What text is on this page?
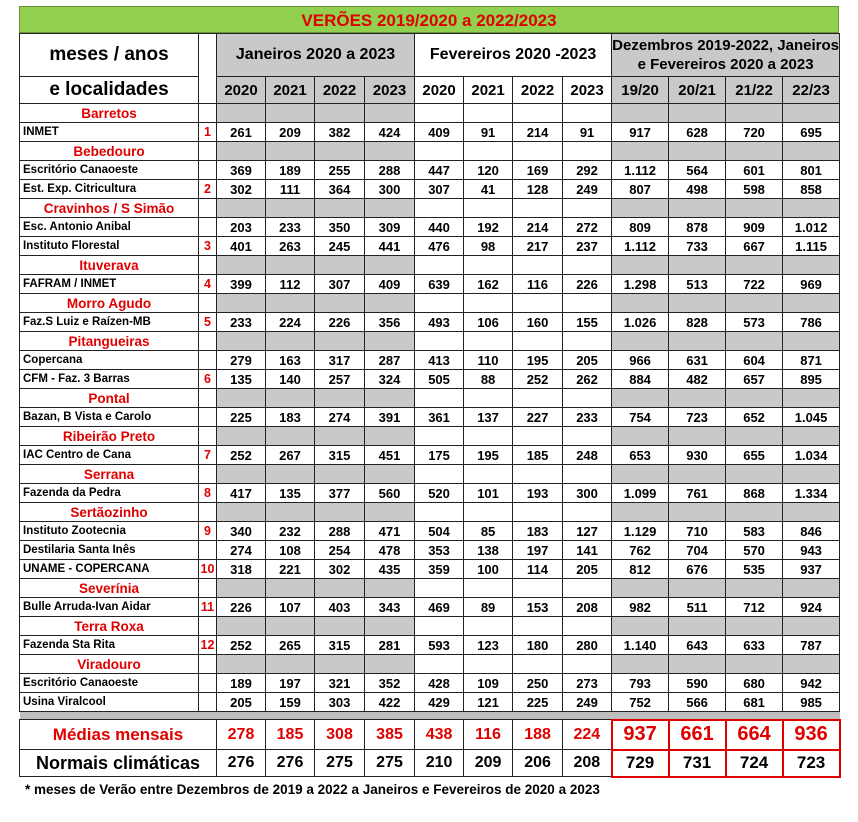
VERÕES 2019/2020 a 2022/2023
meses / anos		Janeiros 2020 a 2023				Fevereiros 2020 -2023				Dezembros 2019-2022, Janeiros e Fevereiros 2020 a 2023			
e localidades		2020	2021	2022	2023	2020	2021	2022	2023	19/20	20/21	21/22	22/23
Barretos													
INMET	1	261	209	382	424	409	91	214	91	917	628	720	695
Bebedouro													
Escritório Canaoeste		369	189	255	288	447	120	169	292	1.112	564	601	801
Est. Exp. Citricultura	2	302	111	364	300	307	41	128	249	807	498	598	858
Cravinhos / S Simão													
Esc. Antonio Anibal		203	233	350	309	440	192	214	272	809	878	909	1.012
Instituto Florestal	3	401	263	245	441	476	98	217	237	1.112	733	667	1.115
Ituverava													
FAFRAM / INMET	4	399	112	307	409	639	162	116	226	1.298	513	722	969
Morro Agudo													
Faz.S Luiz e Raízen-MB	5	233	224	226	356	493	106	160	155	1.026	828	573	786
Pitangueiras													
Copercana		279	163	317	287	413	110	195	205	966	631	604	871
CFM - Faz. 3 Barras	6	135	140	257	324	505	88	252	262	884	482	657	895
Pontal													
Bazan, B Vista e Carolo		225	183	274	391	361	137	227	233	754	723	652	1.045
Ribeirão Preto													
IAC Centro de Cana	7	252	267	315	451	175	195	185	248	653	930	655	1.034
Serrana													
Fazenda da Pedra	8	417	135	377	560	520	101	193	300	1.099	761	868	1.334
Sertãozinho													
Instituto Zootecnia	9	340	232	288	471	504	85	183	127	1.129	710	583	846
Destilaria Santa Inês		274	108	254	478	353	138	197	141	762	704	570	943
UNAME - COPERCANA	10	318	221	302	435	359	100	114	205	812	676	535	937
Severínia													
Bulle Arruda-Ivan Aidar	11	226	107	403	343	469	89	153	208	982	511	712	924
Terra Roxa													
Fazenda Sta Rita	12	252	265	315	281	593	123	180	280	1.140	643	633	787
Viradouro													
Escritório Canaoeste		189	197	321	352	428	109	250	273	793	590	680	942
Usina Viralcool		205	159	303	422	429	121	225	249	752	566	681	985

Médias mensais		278	185	308	385	438	116	188	224	937	661	664	936
Normais climáticas		276	276	275	275	210	209	206	208	729	731	724	723
* meses de Verão entre Dezembros de 2019 a 2022 a Janeiros e Fevereiros de 2020 a 2023
